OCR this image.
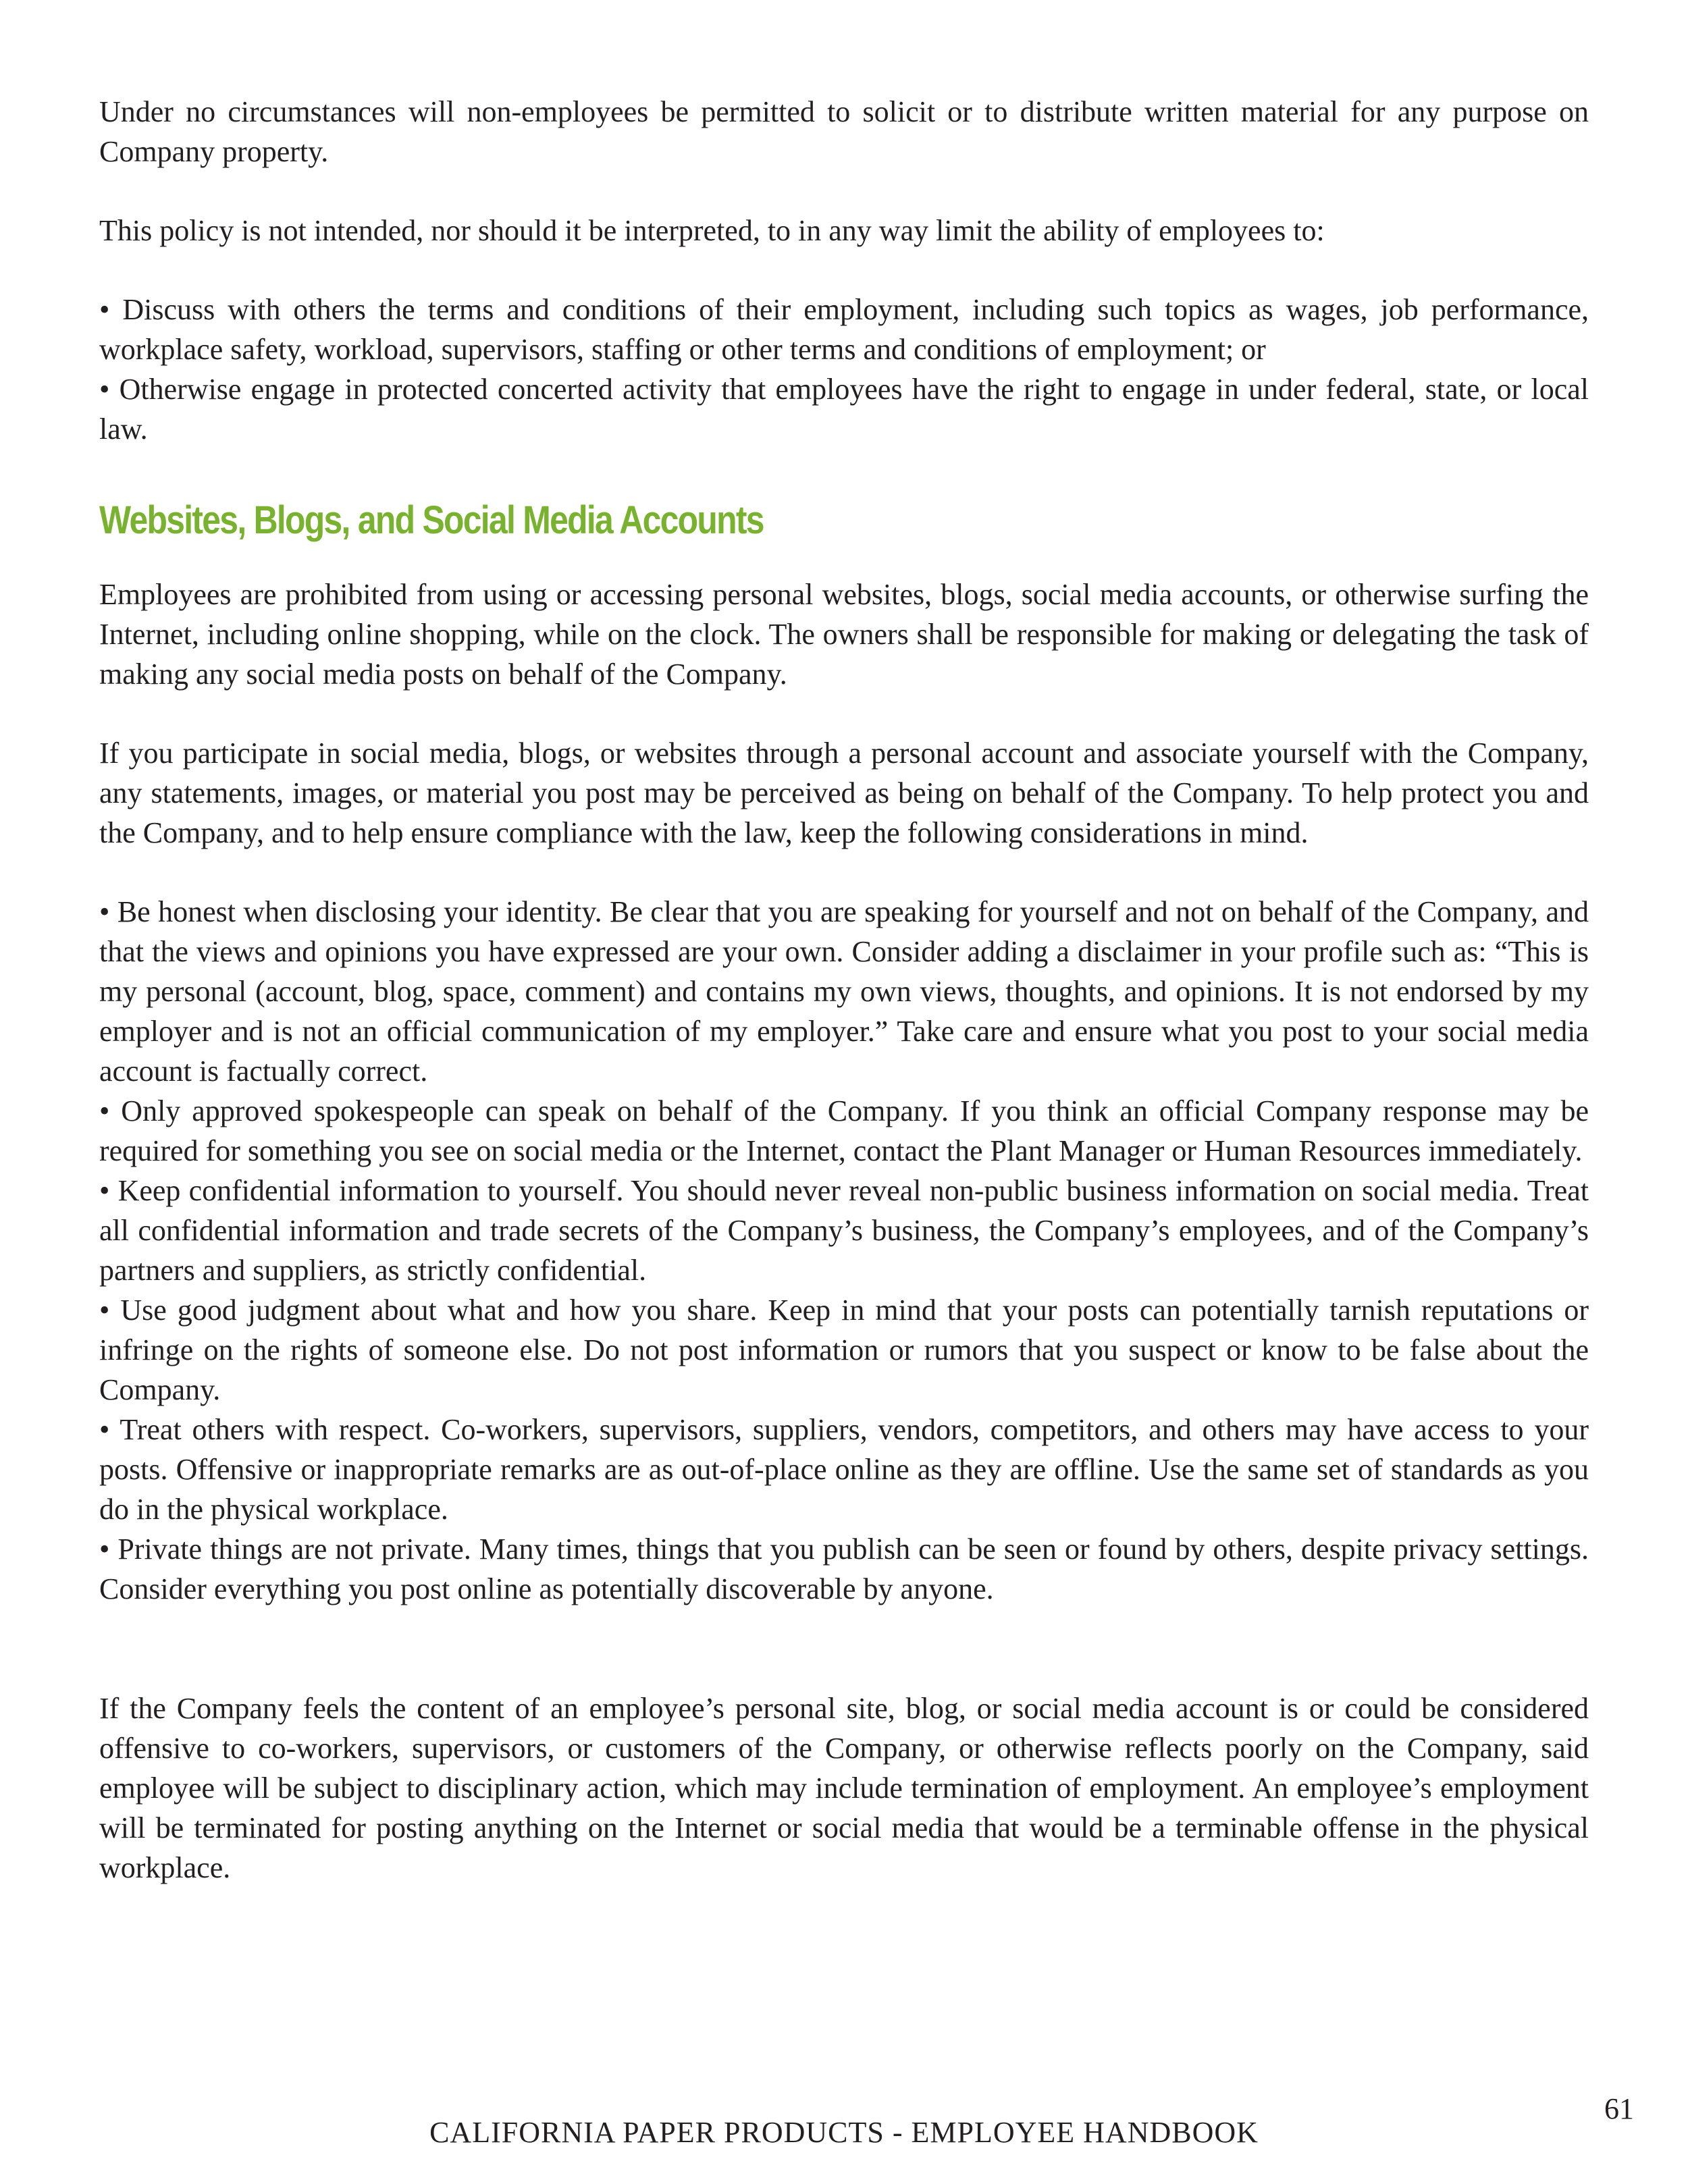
Under no circumstances will non-employees be permitted to solicit or to distribute written material for any purpose on Company property.

This policy is not intended, nor should it be interpreted, to in any way limit the ability of employees to:

• Discuss with others the terms and conditions of their employment, including such topics as wages, job performance, workplace safety, workload, supervisors, staffing or other terms and conditions of employment; or

• Otherwise engage in protected concerted activity that employees have the right to engage in under federal, state, or local law.

Websites, Blogs, and Social Media Accounts

Employees are prohibited from using or accessing personal websites, blogs, social media accounts, or otherwise surfing the Internet, including online shopping, while on the clock. The owners shall be responsible for making or delegating the task of making any social media posts on behalf of the Company.

If you participate in social media, blogs, or websites through a personal account and associate yourself with the Company, any statements, images, or material you post may be perceived as being on behalf of the Company. To help protect you and the Company, and to help ensure compliance with the law, keep the following considerations in mind.

• Be honest when disclosing your identity. Be clear that you are speaking for yourself and not on behalf of the Company, and that the views and opinions you have expressed are your own. Consider adding a disclaimer in your profile such as: “This is my personal (account, blog, space, comment) and contains my own views, thoughts, and opinions. It is not endorsed by my employer and is not an official communication of my employer.” Take care and ensure what you post to your social media account is factually correct.

• Only approved spokespeople can speak on behalf of the Company. If you think an official Company response may be required for something you see on social media or the Internet, contact the Plant Manager or Human Resources immediately.

• Keep confidential information to yourself. You should never reveal non-public business information on social media. Treat all confidential information and trade secrets of the Company’s business, the Company’s employees, and of the Company’s partners and suppliers, as strictly confidential.

• Use good judgment about what and how you share. Keep in mind that your posts can potentially tarnish reputations or infringe on the rights of someone else. Do not post information or rumors that you suspect or know to be false about the Company.

• Treat others with respect. Co-workers, supervisors, suppliers, vendors, competitors, and others may have access to your posts. Offensive or inappropriate remarks are as out-of-place online as they are offline. Use the same set of standards as you do in the physical workplace.

• Private things are not private. Many times, things that you publish can be seen or found by others, despite privacy settings. Consider everything you post online as potentially discoverable by anyone.

If the Company feels the content of an employee’s personal site, blog, or social media account is or could be considered offensive to co-workers, supervisors, or customers of the Company, or otherwise reflects poorly on the Company, said employee will be subject to disciplinary action, which may include termination of employment. An employee’s employment will be terminated for posting anything on the Internet or social media that would be a terminable offense in the physical workplace.

61
CALIFORNIA PAPER PRODUCTS - EMPLOYEE HANDBOOK
